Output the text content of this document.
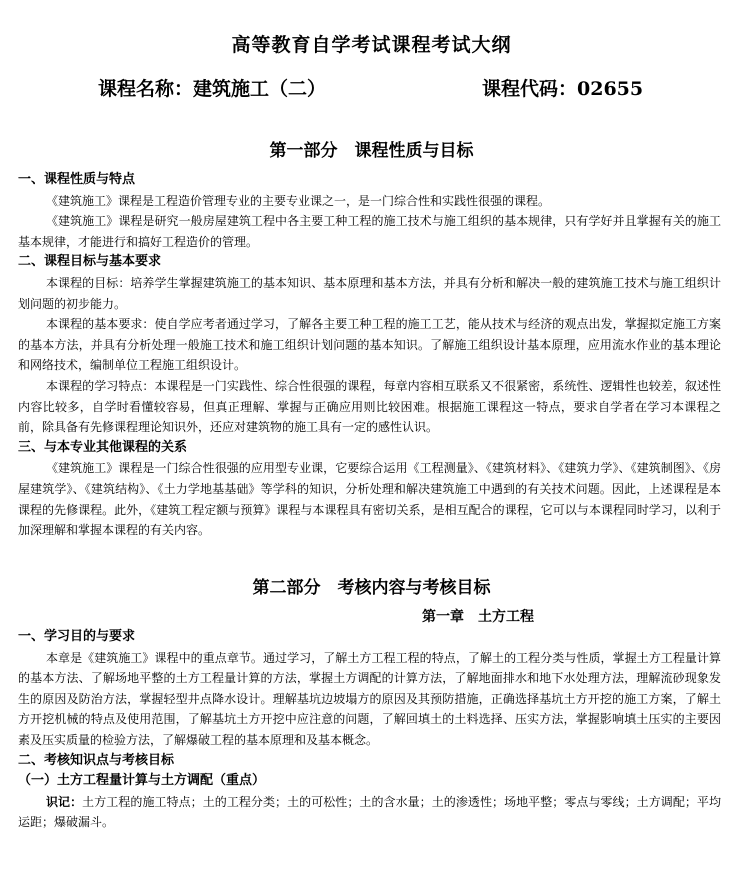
高等教育自学考试课程考试大纲
课程名称：建筑施工（二）	课程代码：02655
第一部分　课程性质与目标
一、课程性质与特点
《建筑施工》课程是工程造价管理专业的主要专业课之一，是一门综合性和实践性很强的课程。
《建筑施工》课程是研究一般房屋建筑工程中各主要工种工程的施工技术与施工组织的基本规律，只有学好并且掌握有关的施工基本规律，才能进行和搞好工程造价的管理。
二、课程目标与基本要求
本课程的目标：培养学生掌握建筑施工的基本知识、基本原理和基本方法，并具有分析和解决一般的建筑施工技术与施工组织计划问题的初步能力。
本课程的基本要求：使自学应考者通过学习，了解各主要工种工程的施工工艺，能从技术与经济的观点出发，掌握拟定施工方案的基本方法，并具有分析处理一般施工技术和施工组织计划问题的基本知识。了解施工组织设计基本原理，应用流水作业的基本理论和网络技术，编制单位工程施工组织设计。
本课程的学习特点：本课程是一门实践性、综合性很强的课程，每章内容相互联系又不很紧密，系统性、逻辑性也较差，叙述性内容比较多，自学时看懂较容易，但真正理解、掌握与正确应用则比较困难。根据施工课程这一特点，要求自学者在学习本课程之前，除具备有先修课程理论知识外，还应对建筑物的施工具有一定的感性认识。
三、与本专业其他课程的关系
《建筑施工》课程是一门综合性很强的应用型专业课，它要综合运用《工程测量》、《建筑材料》、《建筑力学》、《建筑制图》、《房屋建筑学》、《建筑结构》、《土力学地基基础》等学科的知识，分析处理和解决建筑施工中遇到的有关技术问题。因此，上述课程是本课程的先修课程。此外，《建筑工程定额与预算》课程与本课程具有密切关系，是相互配合的课程，它可以与本课程同时学习，以利于加深理解和掌握本课程的有关内容。
第二部分　考核内容与考核目标
第一章　土方工程
一、学习目的与要求
本章是《建筑施工》课程中的重点章节。通过学习，了解土方工程工程的特点，了解土的工程分类与性质，掌握土方工程量计算的基本方法、了解场地平整的土方工程量计算的方法，掌握土方调配的计算方法，了解地面排水和地下水处理方法，理解流砂现象发生的原因及防治方法，掌握轻型井点降水设计。理解基坑边坡塌方的原因及其预防措施，正确选择基坑土方开挖的施工方案，了解土方开挖机械的特点及使用范围，了解基坑土方开挖中应注意的问题，了解回填土的土料选择、压实方法，掌握影响填土压实的主要因素及压实质量的检验方法，了解爆破工程的基本原理和及基本概念。
二、考核知识点与考核目标
（一）土方工程量计算与土方调配（重点）
识记：土方工程的施工特点；土的工程分类；土的可松性；土的含水量；土的渗透性；场地平整；零点与零线；土方调配；平均运距；爆破漏斗。
